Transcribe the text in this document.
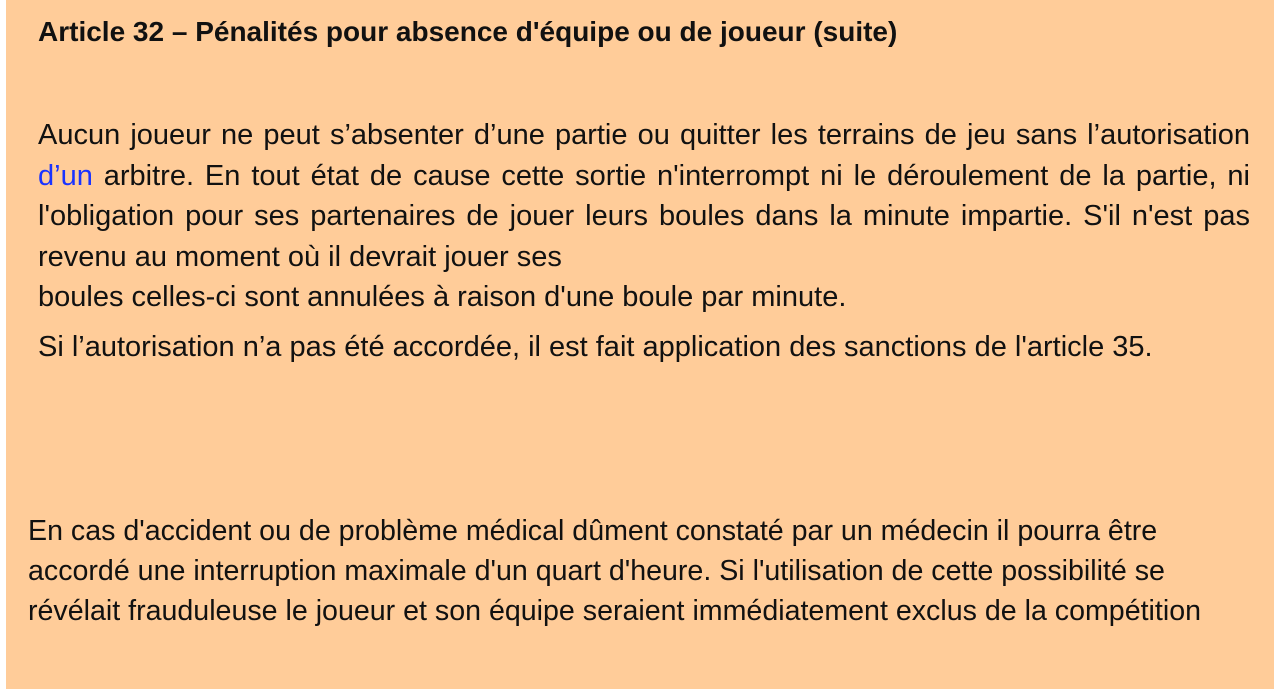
Article 32 – Pénalités pour absence d'équipe ou de joueur (suite)

Aucun joueur ne peut s’absenter d’une partie ou quitter les terrains de jeu sans l’autorisation d’un arbitre. En tout état de cause cette sortie n'interrompt ni le déroulement de la partie, ni l'obligation pour ses partenaires de jouer leurs boules dans la minute impartie. S'il n'est pas revenu au moment où il devrait jouer ses
boules celles-ci sont annulées à raison d'une boule par minute.

Si l’autorisation n’a pas été accordée, il est fait application des sanctions de l'article 35.

En cas d'accident ou de problème médical dûment constaté par un médecin il pourra être accordé une interruption maximale d'un quart d'heure. Si l'utilisation de cette possibilité se révélait frauduleuse le joueur et son équipe seraient immédiatement exclus de la compétition
